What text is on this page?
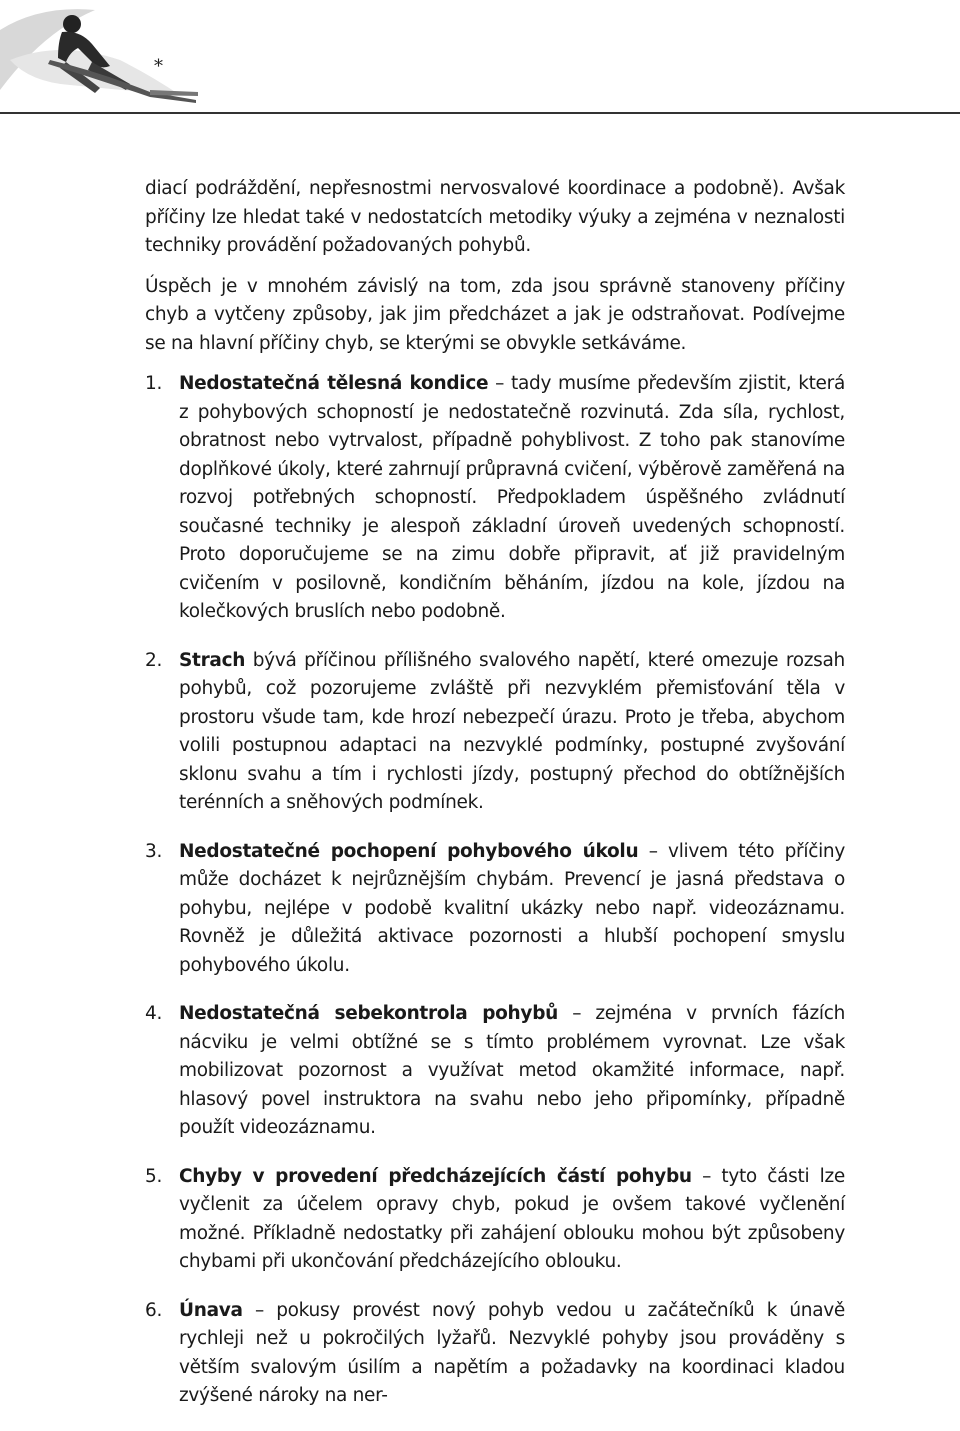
*

diací podráždění, nepřesnostmi nervosvalové koordinace a podobně). Avšak příčiny lze hledat také v nedostatcích metodiky výuky a zejména v neznalosti techniky provádění požadovaných pohybů.

Úspěch je v mnohém závislý na tom, zda jsou správně stanoveny příčiny chyb a vytčeny způsoby, jak jim předcházet a jak je odstraňovat. Podívejme se na hlavní příčiny chyb, se kterými se obvykle setkáváme.

1. Nedostatečná tělesná kondice – tady musíme především zjistit, která z pohybových schopností je nedostatečně rozvinutá. Zda síla, rychlost, obratnost nebo vytrvalost, případně pohyblivost. Z toho pak stanovíme doplňkové úkoly, které zahrnují průpravná cvičení, výběrově zaměřená na rozvoj potřebných schopností. Předpokladem úspěšného zvládnutí současné techniky je alespoň základní úroveň uvedených schopností. Proto doporučujeme se na zimu dobře připravit, ať již pravidelným cvičením v posilovně, kondičním běháním, jízdou na kole, jízdou na kolečkových bruslích nebo podobně.
2. Strach bývá příčinou přílišného svalového napětí, které omezuje rozsah pohybů, což pozorujeme zvláště při nezvyklém přemisťování těla v prostoru všude tam, kde hrozí nebezpečí úrazu. Proto je třeba, abychom volili postupnou adaptaci na nezvyklé podmínky, postupné zvyšování sklonu svahu a tím i rychlosti jízdy, postupný přechod do obtížnějších terénních a sněhových podmínek.
3. Nedostatečné pochopení pohybového úkolu – vlivem této příčiny může docházet k nejrůznějším chybám. Prevencí je jasná představa o pohybu, nejlépe v podobě kvalitní ukázky nebo např. videozáznamu. Rovněž je důležitá aktivace pozornosti a hlubší pochopení smyslu pohybového úkolu.
4. Nedostatečná sebekontrola pohybů – zejména v prvních fázích nácviku je velmi obtížné se s tímto problémem vyrovnat. Lze však mobilizovat pozornost a využívat metod okamžité informace, např. hlasový povel instruktora na svahu nebo jeho připomínky, případně použít videozáznamu.
5. Chyby v provedení předcházejících částí pohybu – tyto části lze vyčlenit za účelem opravy chyb, pokud je ovšem takové vyčlenění možné. Příkladně nedostatky při zahájení oblouku mohou být způsobeny chybami při ukončování předcházejícího oblouku.
6. Únava – pokusy provést nový pohyb vedou u začátečníků k únavě rychleji než u pokročilých lyžařů. Nezvyklé pohyby jsou prováděny s větším svalovým úsilím a napětím a požadavky na koordinaci kladou zvýšené nároky na ner-
